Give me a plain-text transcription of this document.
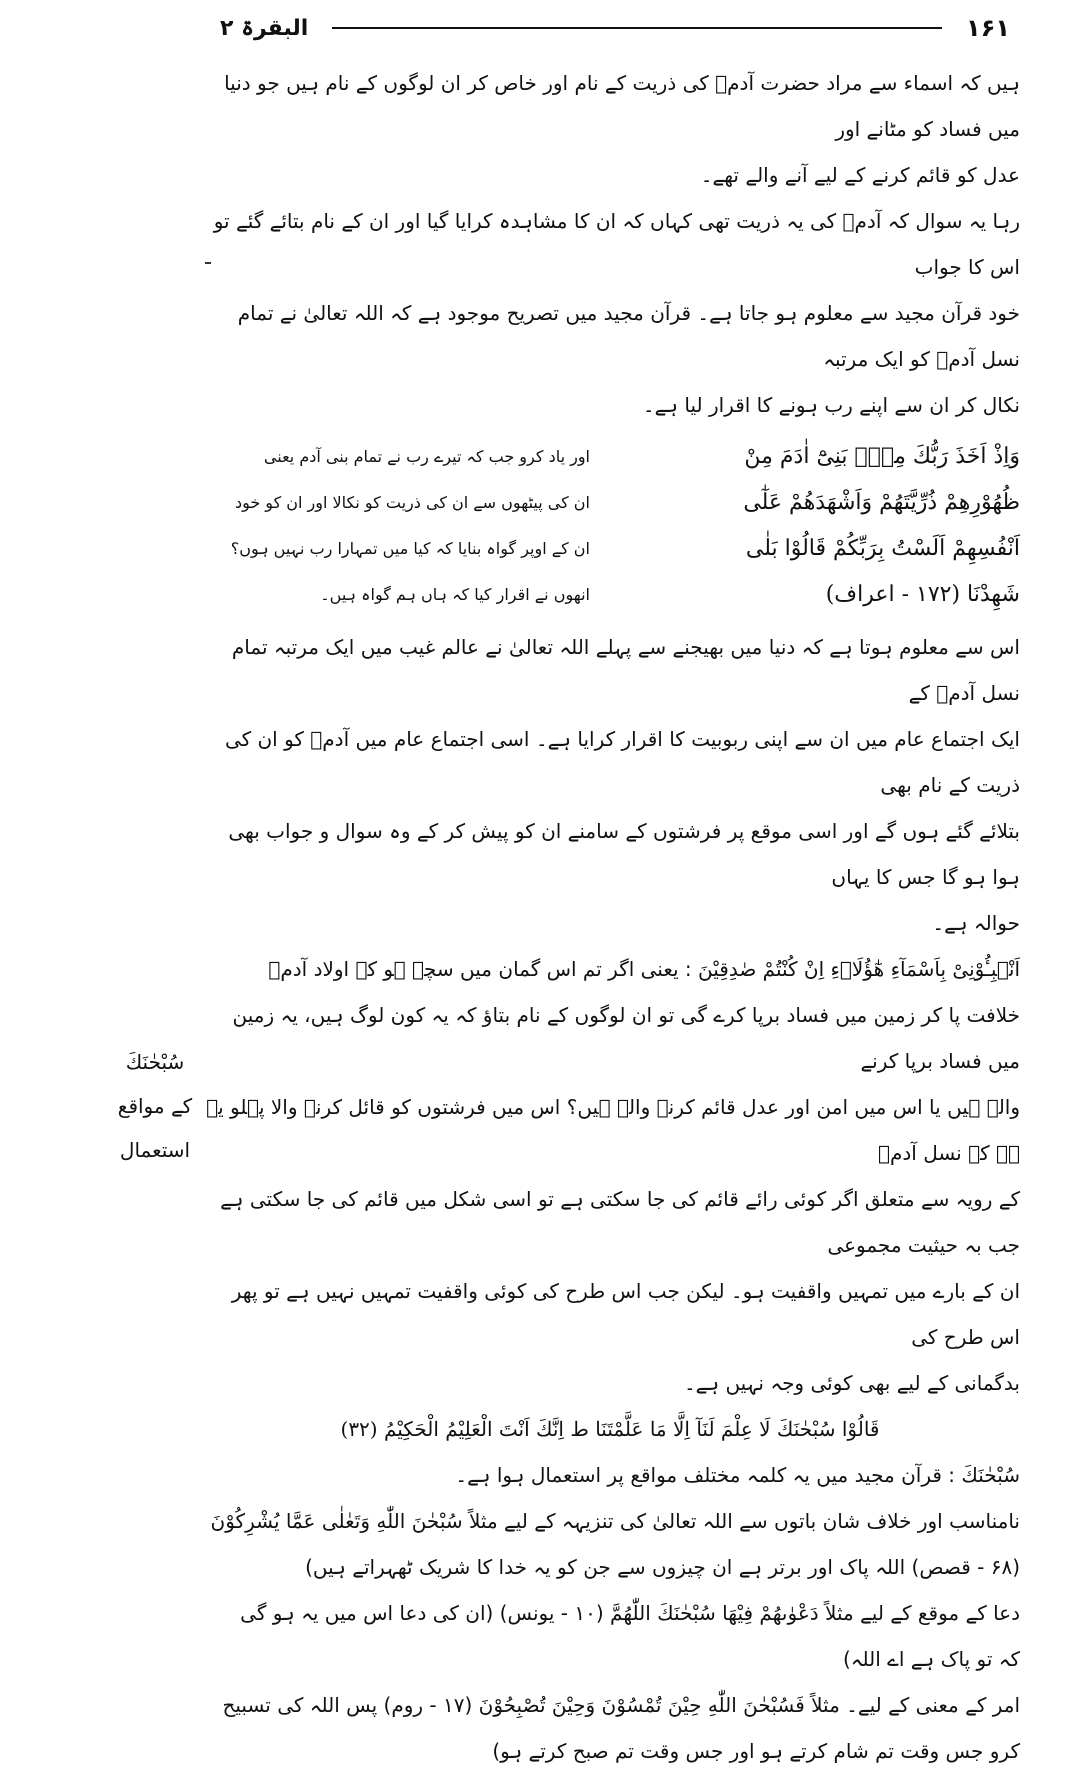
۱۶۱
البقرۃ ۲

ہیں کہ اسماء سے مراد حضرت آدمؑ کی ذریت کے نام اور خاص کر ان لوگوں کے نام ہیں جو دنیا میں فساد کو مٹانے اور

عدل کو قائم کرنے کے لیے آنے والے تھے۔

رہا یہ سوال کہ آدمؑ کی یہ ذریت تھی کہاں کہ ان کا مشاہدہ کرایا گیا اور ان کے نام بتائے گئے تو اس کا جواب

خود قرآن مجید سے معلوم ہو جاتا ہے۔ قرآن مجید میں تصریح موجود ہے کہ اللہ تعالیٰ نے تمام نسل آدمؑ کو ایک مرتبہ

نکال کر ان سے اپنے رب ہونے کا اقرار لیا ہے۔

وَاِذْ اَخَذَ رَبُّكَ مِنْۢ بَنِىْٓ اٰدَمَ مِنْ
ظُهُوْرِهِمْ ذُرِّيَّتَهُمْ وَاَشْهَدَهُمْ عَلٰٓى
اَنْفُسِهِمْ اَلَسْتُ بِرَبِّكُمْ قَالُوْا بَلٰى
شَهِدْنَا (۱۷۲ - اعراف)
اور یاد کرو جب کہ تیرے رب نے تمام بنی آدم یعنی
ان کی پیٹھوں سے ان کی ذریت کو نکالا اور ان کو خود
ان کے اوپر گواہ بنایا کہ کیا میں تمہارا رب نہیں ہوں؟
انھوں نے اقرار کیا کہ ہاں ہم گواہ ہیں۔

اس سے معلوم ہوتا ہے کہ دنیا میں بھیجنے سے پہلے اللہ تعالیٰ نے عالم غیب میں ایک مرتبہ تمام نسل آدمؑ کے

ایک اجتماع عام میں ان سے اپنی ربوبیت کا اقرار کرایا ہے۔ اسی اجتماع عام میں آدمؑ کو ان کی ذریت کے نام بھی

بتلائے گئے ہوں گے اور اسی موقع پر فرشتوں کے سامنے ان کو پیش کر کے وہ سوال و جواب بھی ہوا ہو گا جس کا یہاں

حوالہ ہے۔

اَنْۢبِـُٔوْنِىْ بِاَسْمَآءِ هٰٓؤُلَاۤءِ اِنْ كُنْتُمْ صٰدِقِيْنَ : یعنی اگر تم اس گمان میں سچے ہو کہ اولاد آدمؑ

خلافت پا کر زمین میں فساد برپا کرے گی تو ان لوگوں کے نام بتاؤ کہ یہ کون لوگ ہیں، یہ زمین میں فساد برپا کرنے

والے ہیں یا اس میں امن اور عدل قائم کرنے والے ہیں؟ اس میں فرشتوں کو قائل کرنے والا پہلو یہ ہے کہ نسل آدمؑ

کے رویہ سے متعلق اگر کوئی رائے قائم کی جا سکتی ہے تو اسی شکل میں قائم کی جا سکتی ہے جب بہ حیثیت مجموعی

ان کے بارے میں تمہیں واقفیت ہو۔ لیکن جب اس طرح کی کوئی واقفیت تمہیں نہیں ہے تو پھر اس طرح کی

بدگمانی کے لیے بھی کوئی وجہ نہیں ہے۔

قَالُوْا سُبْحٰنَكَ لَا عِلْمَ لَنَآ اِلَّا مَا عَلَّمْتَنَا ط اِنَّكَ اَنْتَ الْعَلِيْمُ الْحَكِيْمُ (۳۲)

سُبْحٰنَكَ : قرآن مجید میں یہ کلمہ مختلف مواقع پر استعمال ہوا ہے۔

نامناسب اور خلاف شان باتوں سے اللہ تعالیٰ کی تنزیہہ کے لیے مثلاً سُبْحٰنَ اللّٰهِ وَتَعٰلٰى عَمَّا يُشْرِكُوْنَ

(۶۸ - قصص) اللہ پاک اور برتر ہے ان چیزوں سے جن کو یہ خدا کا شریک ٹھہراتے ہیں)

دعا کے موقع کے لیے مثلاً دَعْوٰىهُمْ فِيْهَا سُبْحٰنَكَ اللّٰهُمَّ (۱۰ - یونس) (ان کی دعا اس میں یہ ہو گی

کہ تو پاک ہے اے اللہ)

امر کے معنی کے لیے۔ مثلاً فَسُبْحٰنَ اللّٰهِ حِيْنَ تُمْسُوْنَ وَحِيْنَ تُصْبِحُوْنَ (۱۷ - روم) پس اللہ کی تسبیح

کرو جس وقت تم شام کرتے ہو اور جس وقت تم صبح کرتے ہو)

سُبْحٰنَكَ
کے مواقع
استعمال
